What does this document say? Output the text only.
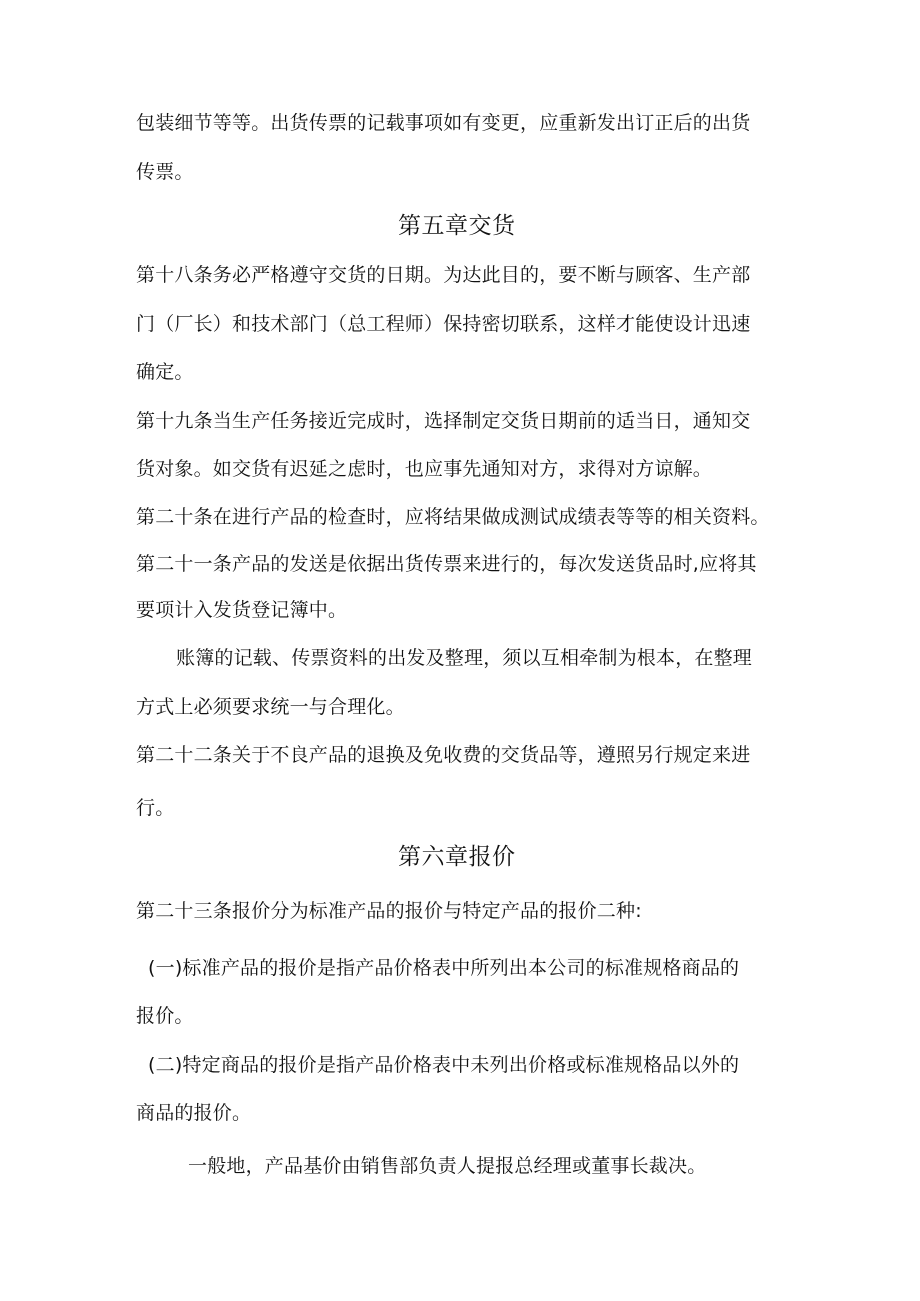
包装细节等等。出货传票的记载事项如有变更，应重新发出订正后的出货
传票。
第五章交货
第十八条务必严格遵守交货的日期。为达此目的，要不断与顾客、生产部
门（厂长）和技术部门（总工程师）保持密切联系，这样才能使设计迅速
确定。
第十九条当生产任务接近完成时，选择制定交货日期前的适当日，通知交
货对象。如交货有迟延之虑时，也应事先通知对方，求得对方谅解。
第二十条在进行产品的检查时，应将结果做成测试成绩表等等的相关资料。
第二十一条产品的发送是依据出货传票来进行的，每次发送货品时,应将其
要项计入发货登记簿中。
账簿的记载、传票资料的出发及整理，须以互相牵制为根本，在整理
方式上必须要求统一与合理化。
第二十二条关于不良产品的退换及免收费的交货品等，遵照另行规定来进
行。
第六章报价
第二十三条报价分为标准产品的报价与特定产品的报价二种:
(一)标准产品的报价是指产品价格表中所列出本公司的标准规格商品的
报价。
(二)特定商品的报价是指产品价格表中未列出价格或标准规格品以外的
商品的报价。
一般地，产品基价由销售部负责人提报总经理或董事长裁决。
